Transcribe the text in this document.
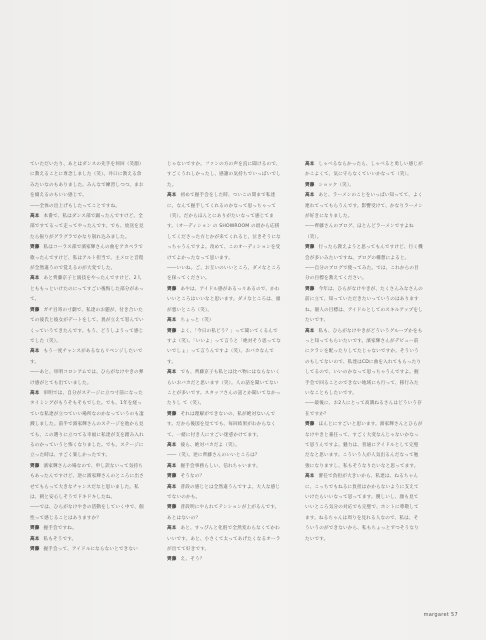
ていただいたり、あとはダンスの先手を何回（笑顔）に教えることに専念しました（笑）。井口に教える余みたいなのもありました。みんなで練習しつつ、まおを綴えるのもいい感じで。

――全体の出上げもしたってことですね。

高本 本番で、私はダンス部で踊ったんですけど、全部ですてるって走ってやったんです。でも、放送を見たら振りがグラグラでかなり崩れ込みました。

齊藤 私はコーラス部で濱家輝さんの曲をアカペラで歌ったんですけど、私はアルト担当で、主メロと音程が全然違うので覚えるのが大変でした。

高本 あと齊藤京子と演技をやったんですけど、2人とももっといけたのにってすごい後悔した部分があって。

齊藤 ガチ目寄の寸劇で、私達のお題が、付き合いたての彼氏と彼女がデートをして、異が立えて怒んでいくっていうてきたんです。もう、どうしようって感じでした（笑）。

高本 もう一度チャンスがあるならリベンジしたいです。

――あと、审明コロシアムでは、ひらがなけやきの弾け感がとても出ていました。

高本 审明では、自分がステージに立つ寸前になったタイミングがもうそもそもでした。でも、1年を経っていな私達が立つていい場所なのかなっていうのも凄溅しました。前半で濱家輝さんのステージを他から見ても、この選りに立つてる幸福に私達が支を踏み入れるのかっていうと怖くなりました。でも、ステージに立った時は、すごく楽しかったです。

齊藤 濱家輝さんの場なので、申し訳ないって気持ちもあったんですけど、逆に濱家輝さんのところに出させてもらって大きなチャンスだなと思いました。私は、朝と安心しそうでドキドキしたね。

――では、ひらがなけやきの活動をしていく中で、個性って感じることはありますか？

齊藤 握手会ですね。

高本 私もそうです。

齊藤 握手会って、アイドルにならないとできない

じゃないですか。ファンの方の声を直に聞けるので、すごくうれしかったし、感謝の気持ちでいっぱいでした。

高本 初めて握手会をした時、ついこの間まで私達に、なんて握手してくれるのかなって思っちゃって（笑）。だからほんとにありがたいなって感じてます。（オーディション の SHOWROOM の頃から応援してくださった方とかが来てくれると、泣きそうになっちゃうんですよ。改めて、このオーディションを受けてよかったなって思います。

――いいね。ご、お互いのいいところ、ダメなところを探ってください。

齊藤 あやは、アイドル感があるっ々あるので、かわいいところはいいなと思います。ダメなところは、頭が悪いところ（笑）。

高本 ちょっと（笑）

齊藤 よく、「今日の私どう？」って聞いてくるんですよ（笑）。「いいよ」って言うと「絶対そう思ってないでしょ」って言うんですよ（笑）。おバカなんです。

高本 でも、齊藤京子も私とは比べ物にはならないくらいおバカだと思います（笑）。人の話を聞いてないことが多いです。スタッフさんの話とか聞いてなかったりし て（笑）。

齊藤 それは理解ができないの、私が絶対ないんです。だから後図を見てでも、毎回結果がわからなくて、一緒に付き人にすごい迷惑かけてます。

高本 彼ら、絶対バカだよ（笑）。

――（笑）。逆に齊藤さんのいいところは？

高本 握手会事務らしい、信れちゃいます。

齊藤 そうなの？

高本 普段の感じとは全然違うんですよ。大人な感じでないのかも。

齊藤 普段明にやられてテンションが上がるんです。あとはないの？

高本 あと、すっぴんと化粧で全然変わらなくてかわいいです。あと、小さくて太ってあげたくなるオーラが出てて好きです。

齊藤 え、そう？

高本 しゃべるならかったら、しゃべると勇しい感じがかこよくて、気に守らなくていいかなって（笑）。

齊藤 ショック（笑）。

高本 あと、ラーメンのことをいっぱい知ってて、よく連れてってもらうんです。影響受けて、かなりラーメンが好きになりました。

――齊藤さんのブログ、ほとんどラーメンですよね（笑）。

齊藤 行ったら教えようと思ってもんですけど、行く機会が多いみたいですね。ブログの構想によると。

――自分のブログで使ってみた。では、これからの目分の目標を教えてください。

齊藤 今年は、ひらがなけやきが、たくさんみなさんの前に立て、知っていただきたいっていうのはありますね。個人の目標は、アイドルとしてのスキルアップをしたいです。

高本 私も、ひらがなけやきがどういうグループかをもっと知ってもらいたいです。濱家輝さんがデビュー前にクラシを配ったりしてたじゃないですか。そういうのもしてないので、私達はCDに曲を入れてもらったりしてるので、いいのかなって思っちゃうんですよ。握手会で回ることのできない地域にも行って、移行みたいなこともしたいです。

――最後に、お2人にとって高溝ねるさんはどういう存在ですか？

齊藤 ほんとにすごいと思います。濱家輝さんとひらがなけやきと兼任って、すごく大変なんじゃないかなって思うんですよ。魅力は、普通にアイドルとして完璧だなと思います。こういう人が人気出るんだなって勉強になりますし、私もそうなりたいなと思ってます。

高本 審任で負担が大きいから、私達は、ねるちゃんに、こっちでもねるに負担はかからないように支えていけたらいいなって思ってます。優しいし、顔も見ていいところ気分の対応でも完璧で、ホントに尊敬してます。ねるちゃんは周りを見れる人なので、私は、そういうのができないから、私もちょっとずつそうなりたいです。

margaret 57
